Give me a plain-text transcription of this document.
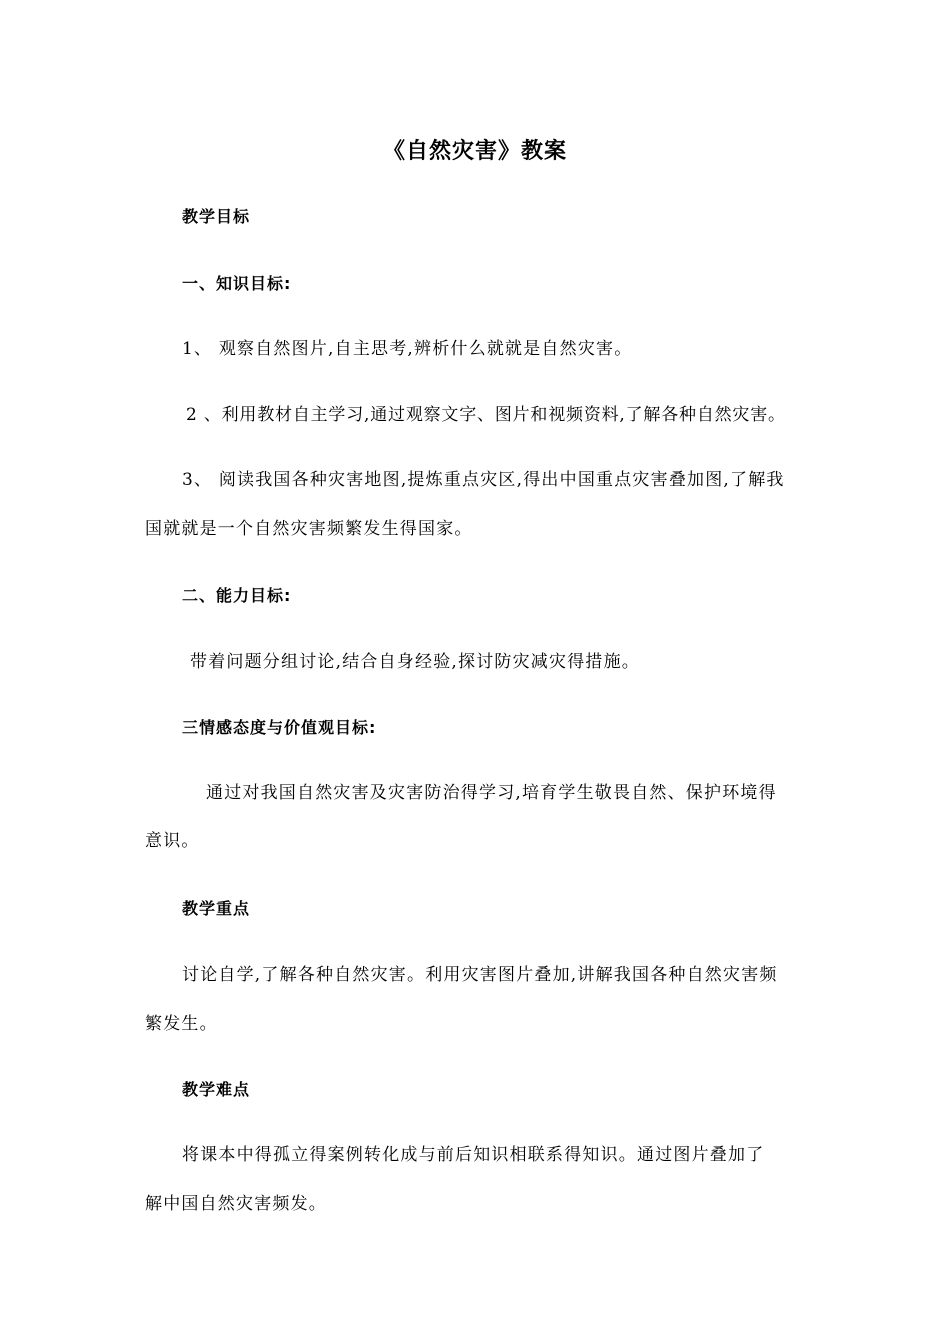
《自然灾害》教案

教学目标

一、知识目标:

1、 观察自然图片,自主思考,辨析什么就就是自然灾害。

2 、利用教材自主学习,通过观察文字、图片和视频资料,了解各种自然灾害。

3、 阅读我国各种灾害地图,提炼重点灾区,得出中国重点灾害叠加图,了解我

国就就是一个自然灾害频繁发生得国家。

二、能力目标:

带着问题分组讨论,结合自身经验,探讨防灾减灾得措施。

三情感态度与价值观目标:

通过对我国自然灾害及灾害防治得学习,培育学生敬畏自然、保护环境得

意识。

教学重点

讨论自学,了解各种自然灾害。利用灾害图片叠加,讲解我国各种自然灾害频

繁发生。

教学难点

将课本中得孤立得案例转化成与前后知识相联系得知识。通过图片叠加了

解中国自然灾害频发。
